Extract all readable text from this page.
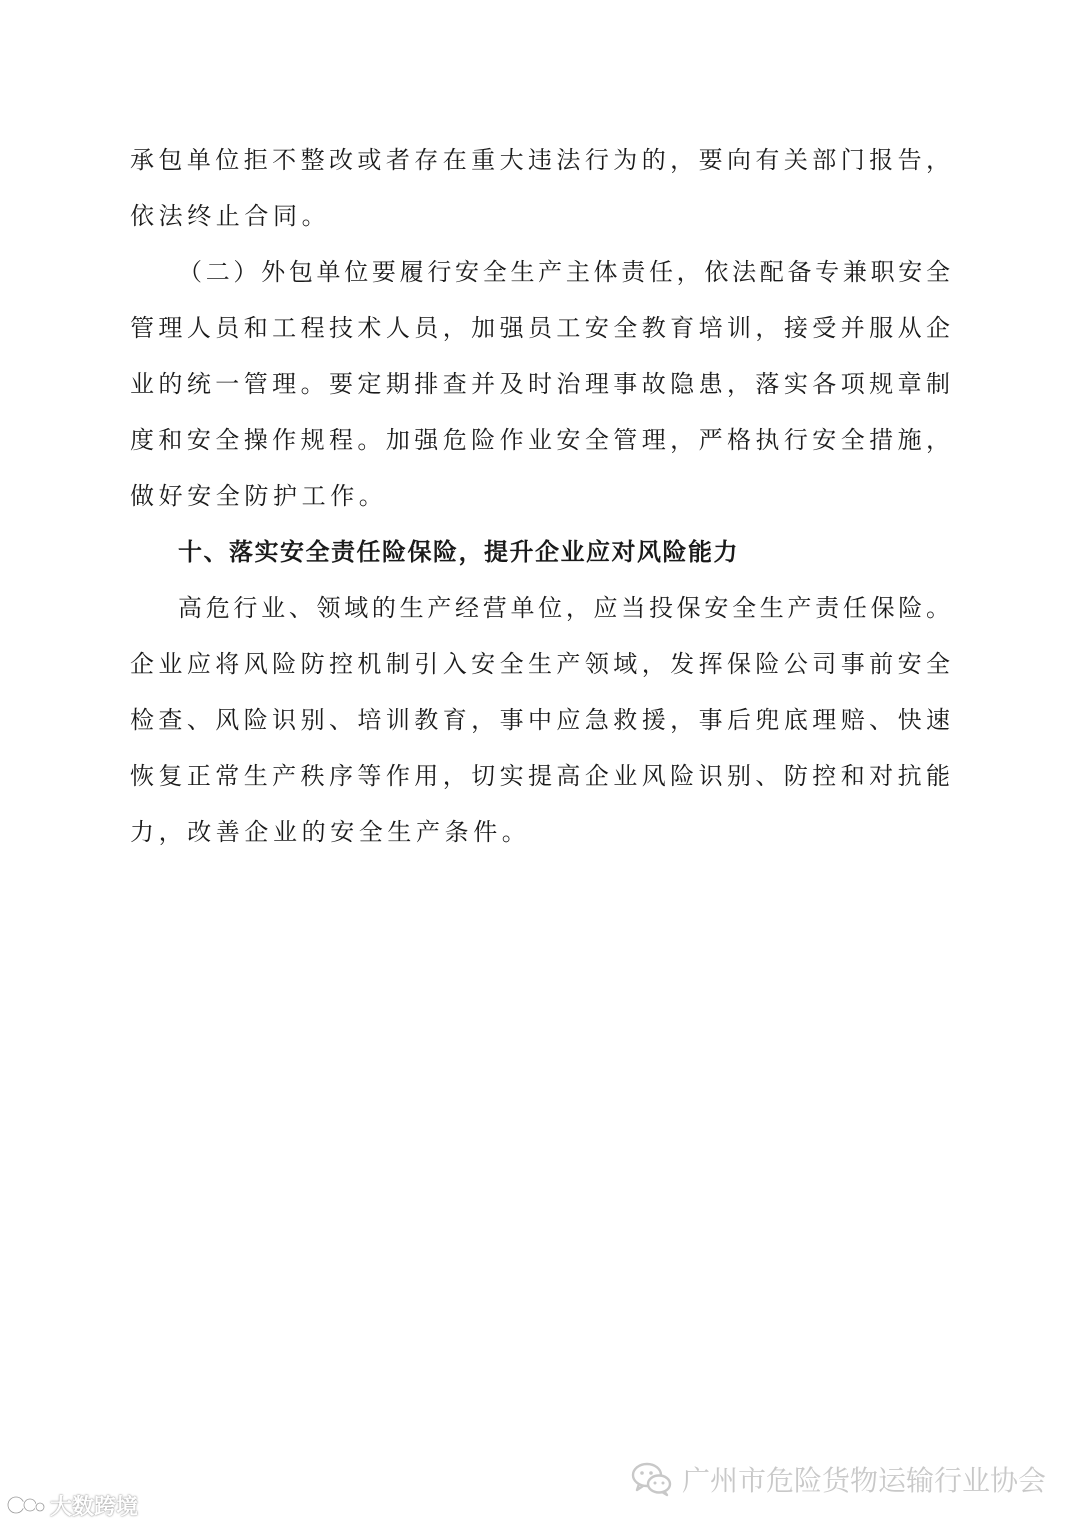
承包单位拒不整改或者存在重大违法行为的，要向有关部门报告，
依法终止合同。
（二）外包单位要履行安全生产主体责任，依法配备专兼职安全
管理人员和工程技术人员，加强员工安全教育培训，接受并服从企
业的统一管理。要定期排查并及时治理事故隐患，落实各项规章制
度和安全操作规程。加强危险作业安全管理，严格执行安全措施，
做好安全防护工作。
十、落实安全责任险保险，提升企业应对风险能力
高危行业、领域的生产经营单位，应当投保安全生产责任保险。
企业应将风险防控机制引入安全生产领域，发挥保险公司事前安全
检查、风险识别、培训教育，事中应急救援，事后兜底理赔、快速
恢复正常生产秩序等作用，切实提高企业风险识别、防控和对抗能
力，改善企业的安全生产条件。
广州市危险货物运输行业协会
大数跨境
